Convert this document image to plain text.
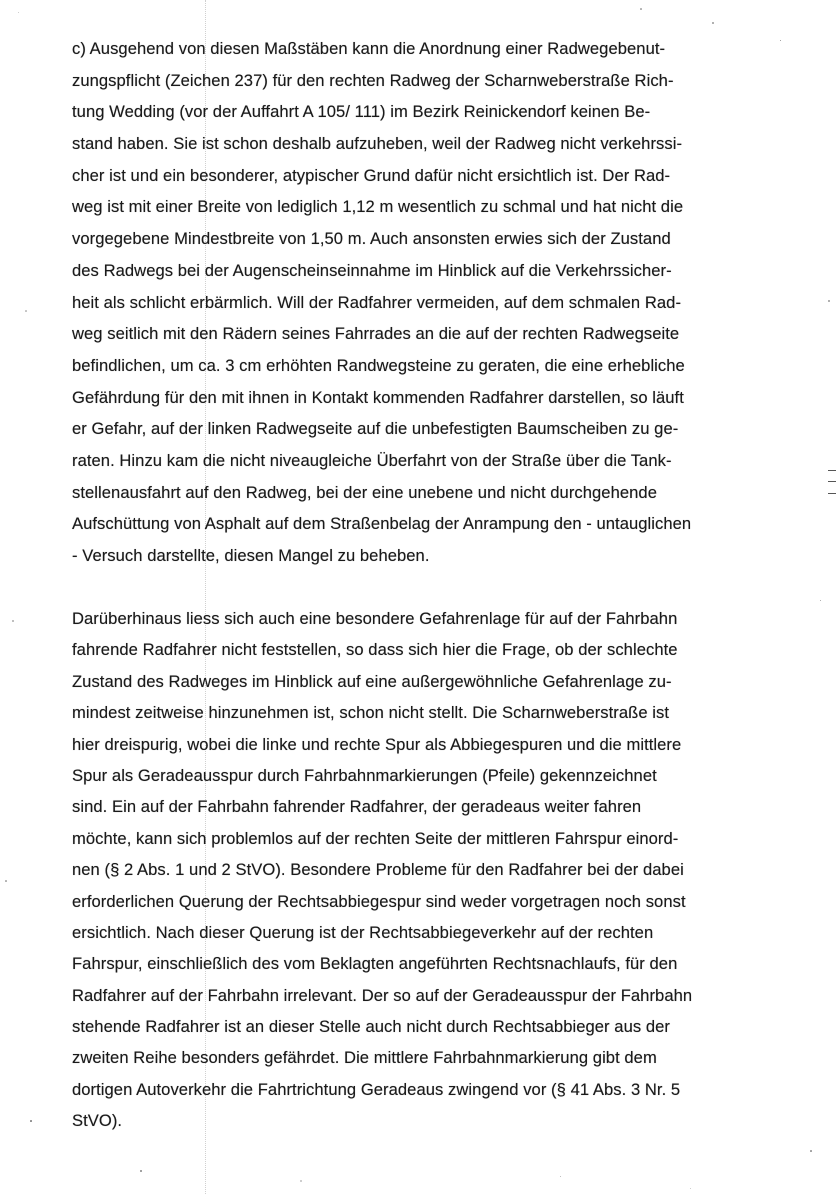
c) Ausgehend von diesen Maßstäben kann die Anordnung einer Radwegebenut-
zungspflicht (Zeichen 237) für den rechten Radweg der Scharnweberstraße Rich-
tung Wedding (vor der Auffahrt A 105/ 111) im Bezirk Reinickendorf keinen Be-
stand haben. Sie ist schon deshalb aufzuheben, weil der Radweg nicht verkehrssi-
cher ist und ein besonderer, atypischer Grund dafür nicht ersichtlich ist. Der Rad-
weg ist mit einer Breite von lediglich 1,12 m wesentlich zu schmal und hat nicht die
vorgegebene Mindestbreite von 1,50 m. Auch ansonsten erwies sich der Zustand
des Radwegs bei der Augenscheinseinnahme im Hinblick auf die Verkehrssicher-
heit als schlicht erbärmlich. Will der Radfahrer vermeiden, auf dem schmalen Rad-
weg seitlich mit den Rädern seines Fahrrades an die auf der rechten Radwegseite
befindlichen, um ca. 3 cm erhöhten Randwegsteine zu geraten, die eine erhebliche
Gefährdung für den mit ihnen in Kontakt kommenden Radfahrer darstellen, so läuft
er Gefahr, auf der linken Radwegseite auf die unbefestigten Baumscheiben zu ge-
raten. Hinzu kam die nicht niveaugleiche Überfahrt von der Straße über die Tank-
stellenausfahrt auf den Radweg, bei der eine unebene und nicht durchgehende
Aufschüttung von Asphalt auf dem Straßenbelag der Anrampung den - untauglichen
- Versuch darstellte, diesen Mangel zu beheben.
Darüberhinaus liess sich auch eine besondere Gefahrenlage für auf der Fahrbahn
fahrende Radfahrer nicht feststellen, so dass sich hier die Frage, ob der schlechte
Zustand des Radweges im Hinblick auf eine außergewöhnliche Gefahrenlage zu-
mindest zeitweise hinzunehmen ist, schon nicht stellt. Die Scharnweberstraße ist
hier dreispurig, wobei die linke und rechte Spur als Abbiegespuren und die mittlere
Spur als Geradeausspur durch Fahrbahnmarkierungen (Pfeile) gekennzeichnet
sind. Ein auf der Fahrbahn fahrender Radfahrer, der geradeaus weiter fahren
möchte, kann sich problemlos auf der rechten Seite der mittleren Fahrspur einord-
nen (§ 2 Abs. 1 und 2 StVO). Besondere Probleme für den Radfahrer bei der dabei
erforderlichen Querung der Rechtsabbiegespur sind weder vorgetragen noch sonst
ersichtlich. Nach dieser Querung ist der Rechtsabbiegeverkehr auf der rechten
Fahrspur, einschließlich des vom Beklagten angeführten Rechtsnachlaufs, für den
Radfahrer auf der Fahrbahn irrelevant. Der so auf der Geradeausspur der Fahrbahn
stehende Radfahrer ist an dieser Stelle auch nicht durch Rechtsabbieger aus der
zweiten Reihe besonders gefährdet. Die mittlere Fahrbahnmarkierung gibt dem
dortigen Autoverkehr die Fahrtrichtung Geradeaus zwingend vor (§ 41 Abs. 3 Nr. 5
StVO).
